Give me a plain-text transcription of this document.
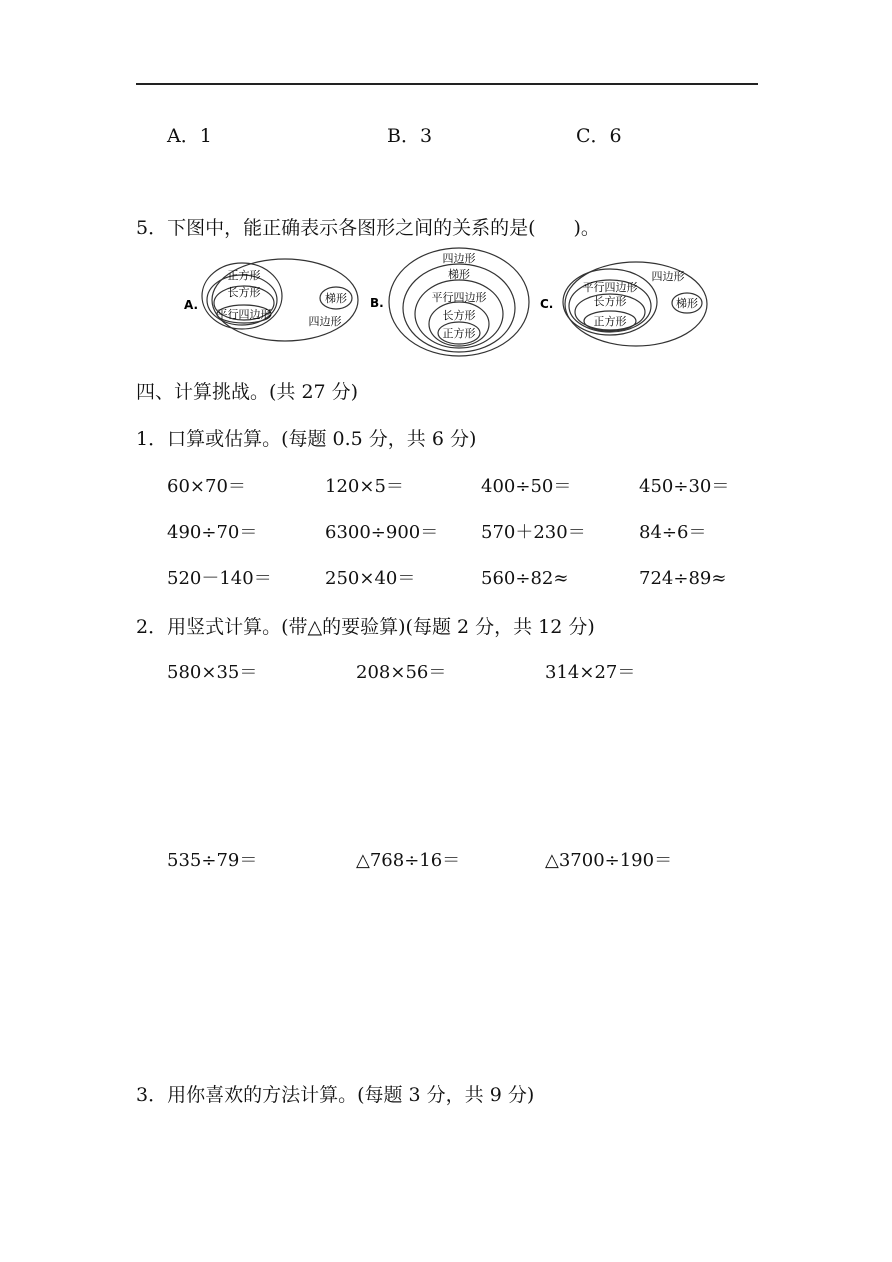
A．1	B．3	C．6
5．下图中，能正确表示各图形之间的关系的是(　　)。
A.
正方形
长方形
平行四边形
梯形
四边形
B.
四边形
梯形
平行四边形
长方形
正方形
C.
平行四边形
长方形
正方形
四边形
梯形
四、计算挑战。(共 27 分)
1．口算或估算。(每题 0.5 分，共 6 分)
60×70＝	120×5＝	400÷50＝	450÷30＝
490÷70＝	6300÷900＝ 570＋230＝	84÷6＝
520－140＝	250×40＝	560÷82≈	724÷89≈
2．用竖式计算。(带△的要验算)(每题 2 分，共 12 分)
580×35＝	208×56＝	314×27＝
535÷79＝	△768÷16＝	△3700÷190＝
3．用你喜欢的方法计算。(每题 3 分，共 9 分)
